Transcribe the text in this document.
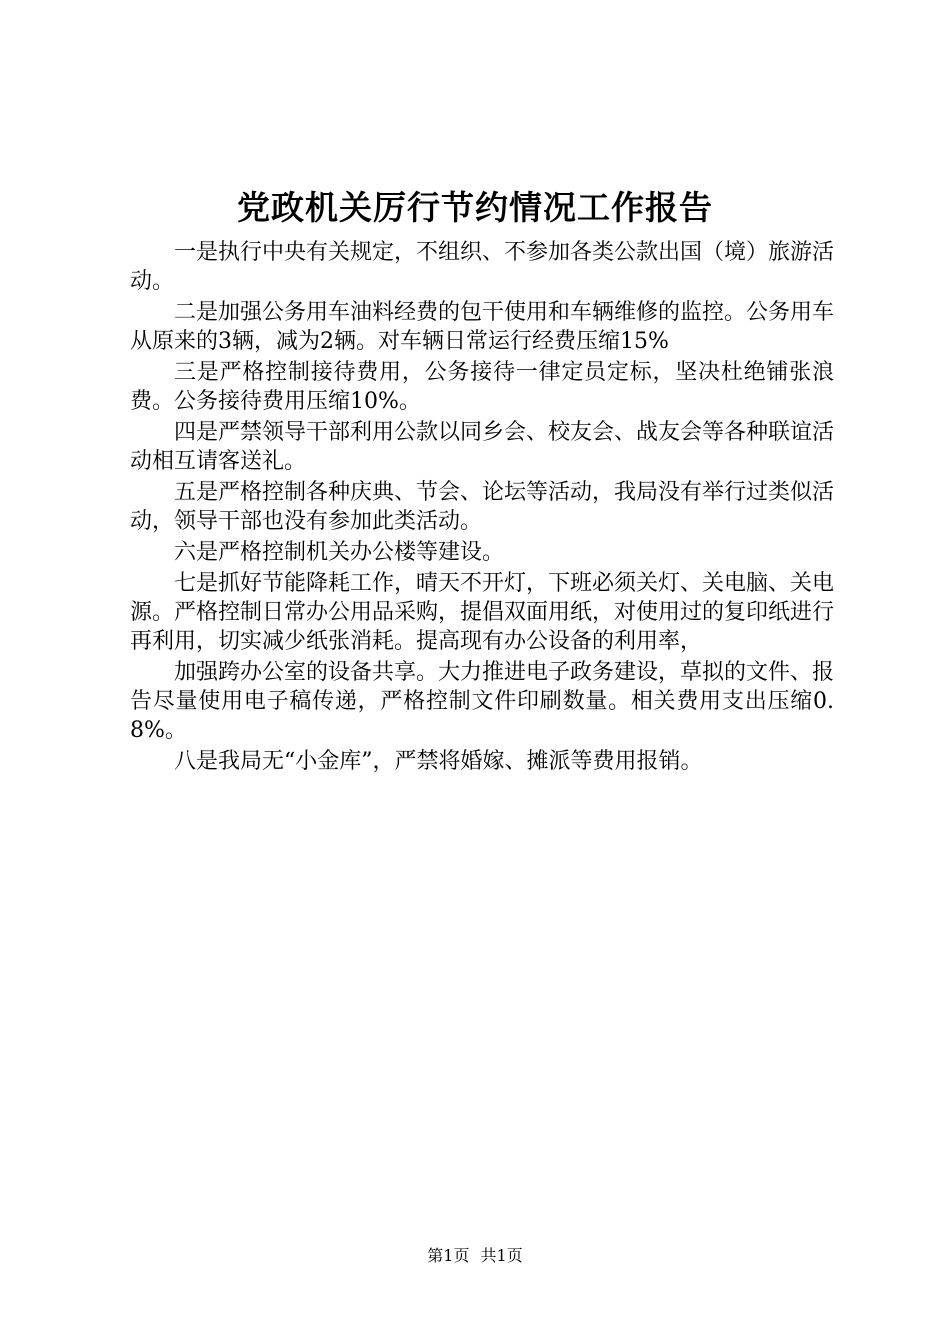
党政机关厉行节约情况工作报告

一是执行中央有关规定，不组织、不参加各类公款出国（境）旅游活动。

二是加强公务用车油料经费的包干使用和车辆维修的监控。公务用车从原来的3辆，减为2辆。对车辆日常运行经费压缩15%

三是严格控制接待费用，公务接待一律定员定标，坚决杜绝铺张浪费。公务接待费用压缩10%。

四是严禁领导干部利用公款以同乡会、校友会、战友会等各种联谊活动相互请客送礼。

五是严格控制各种庆典、节会、论坛等活动，我局没有举行过类似活动，领导干部也没有参加此类活动。

六是严格控制机关办公楼等建设。

七是抓好节能降耗工作，晴天不开灯，下班必须关灯、关电脑、关电源。严格控制日常办公用品采购，提倡双面用纸，对使用过的复印纸进行再利用，切实减少纸张消耗。提高现有办公设备的利用率，

加强跨办公室的设备共享。大力推进电子政务建设，草拟的文件、报告尽量使用电子稿传递，严格控制文件印刷数量。相关费用支出压缩0.8%。

八是我局无“小金库”，严禁将婚嫁、摊派等费用报销。

第1页 共1页
